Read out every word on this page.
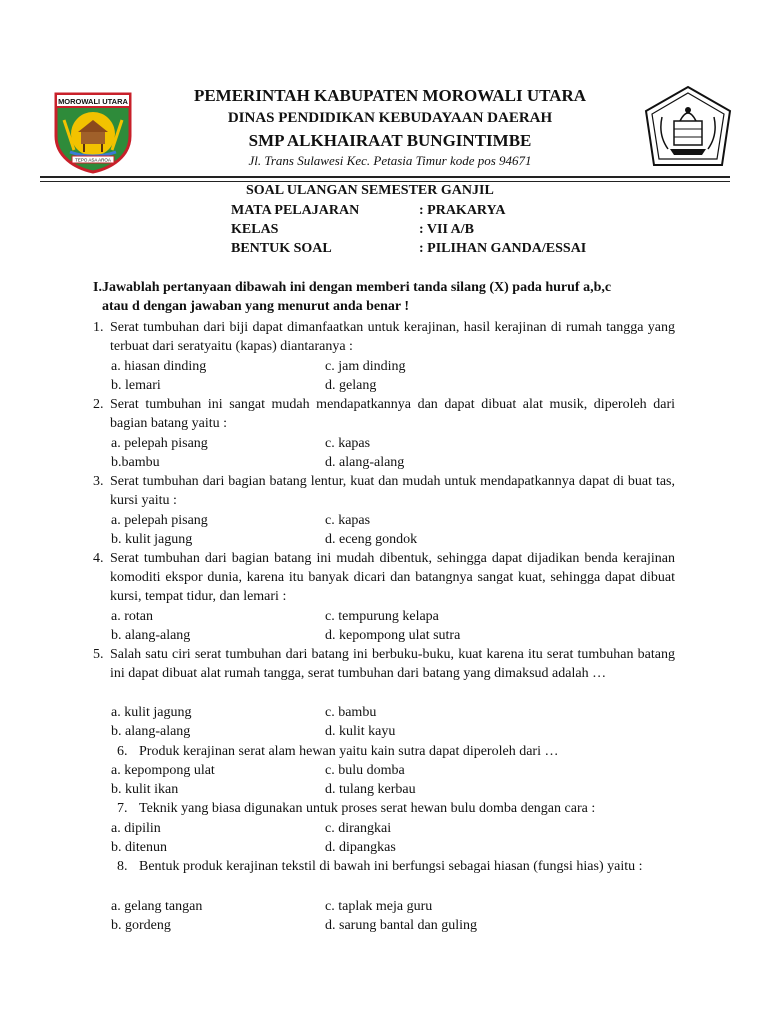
MOROWALI UTARA
TEPO ASA AROA
PEMERINTAH KABUPATEN MOROWALI UTARA
DINAS PENDIDIKAN KEBUDAYAAN DAERAH
SMP ALKHAIRAAT BUNGINTIMBE
Jl. Trans Sulawesi Kec. Petasia Timur kode pos 94671
SOAL ULANGAN SEMESTER GANJIL
MATA PELAJARAN	: PRAKARYA
KELAS	: VII A/B
BENTUK SOAL	: PILIHAN GANDA/ESSAI
I.Jawablah pertanyaan dibawah ini dengan memberi tanda silang (X) pada huruf a,b,c
atau d dengan jawaban yang menurut anda benar !
1. Serat tumbuhan dari biji dapat dimanfaatkan untuk kerajinan, hasil kerajinan di rumah tangga yang terbuat dari seratyaitu (kapas) diantaranya :
a. hiasan dinding	c. jam dinding
b. lemari	d. gelang
2. Serat tumbuhan ini sangat mudah mendapatkannya dan dapat dibuat alat musik, diperoleh dari bagian batang yaitu :
a. pelepah pisang	c. kapas
b.bambu	d. alang-alang
3. Serat tumbuhan dari bagian batang lentur, kuat dan mudah untuk mendapatkannya dapat di buat tas, kursi yaitu :
a. pelepah pisang	c. kapas
b. kulit jagung	d. eceng gondok
4. Serat tumbuhan dari bagian batang ini mudah dibentuk, sehingga dapat dijadikan benda kerajinan komoditi ekspor dunia, karena itu banyak dicari dan batangnya sangat kuat, sehingga dapat dibuat kursi, tempat tidur, dan lemari :
a. rotan	c. tempurung kelapa
b. alang-alang	d. kepompong ulat sutra
5. Salah satu ciri serat tumbuhan dari batang ini berbuku-buku, kuat karena itu serat tumbuhan batang ini dapat dibuat alat rumah tangga, serat tumbuhan dari batang yang dimaksud adalah …
a. kulit jagung	c. bambu
b. alang-alang	d. kulit kayu
6. Produk kerajinan serat alam hewan yaitu kain sutra dapat diperoleh dari …
a. kepompong ulat	c. bulu domba
b. kulit ikan	d. tulang kerbau
7. Teknik yang biasa digunakan untuk proses serat hewan bulu domba dengan cara :
a. dipilin	c. dirangkai
b. ditenun	d. dipangkas
8. Bentuk produk kerajinan tekstil di bawah ini berfungsi sebagai hiasan (fungsi hias) yaitu :
a. gelang tangan	c. taplak meja guru
b. gordeng	d. sarung bantal dan guling
